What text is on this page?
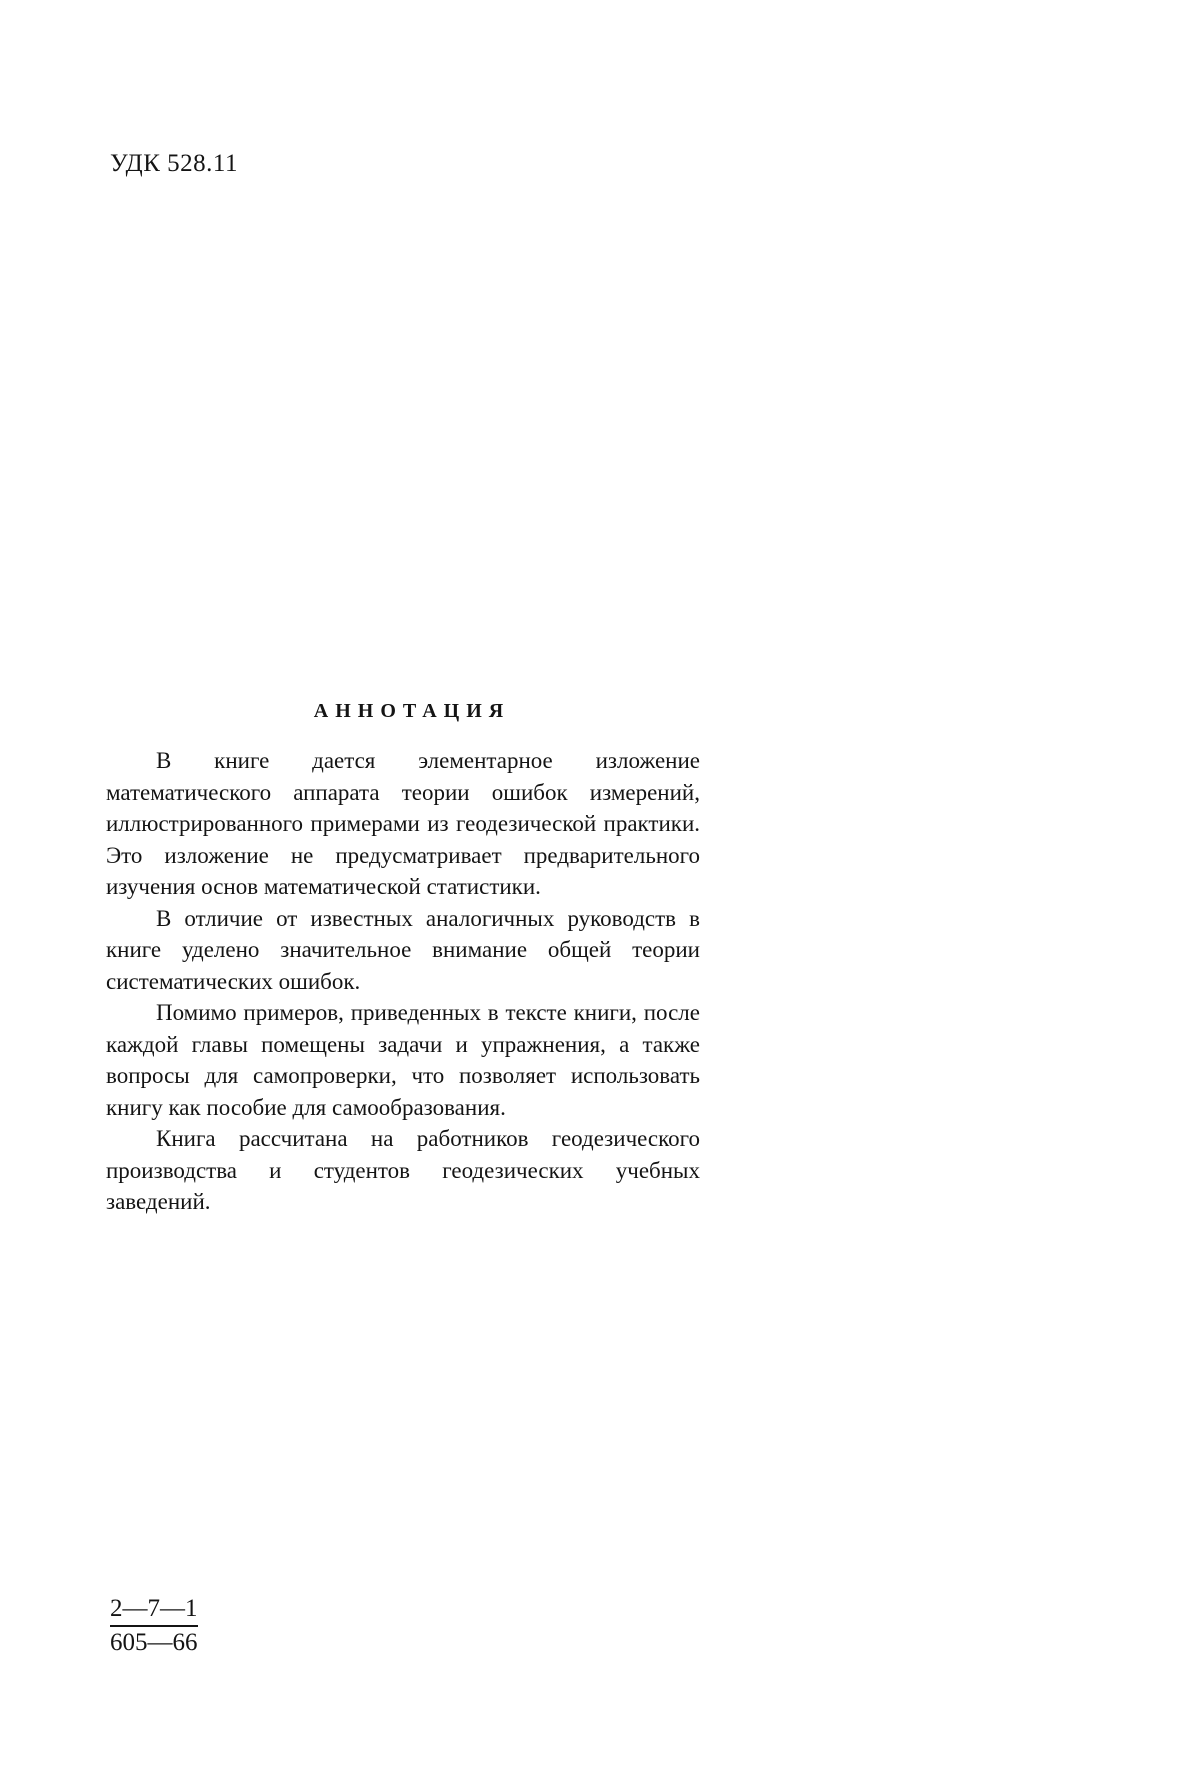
УДК 528.11
АННОТАЦИЯ

В книге дается элементарное изложение математического аппарата теории ошибок измерений, иллюстрированного примерами из геодезической практики. Это изложение не предусматривает предварительного изучения основ математической статистики.

В отличие от известных аналогичных руководств в книге уделено значительное внимание общей теории систематических ошибок.

Помимо примеров, приведенных в тексте книги, после каждой главы помещены задачи и упражнения, а также вопросы для самопроверки, что позволяет использовать книгу как пособие для самообразования.

Книга рассчитана на работников геодезического производства и студентов геодезических учебных заведений.

$\frac{2—7—1}{605—66}$
